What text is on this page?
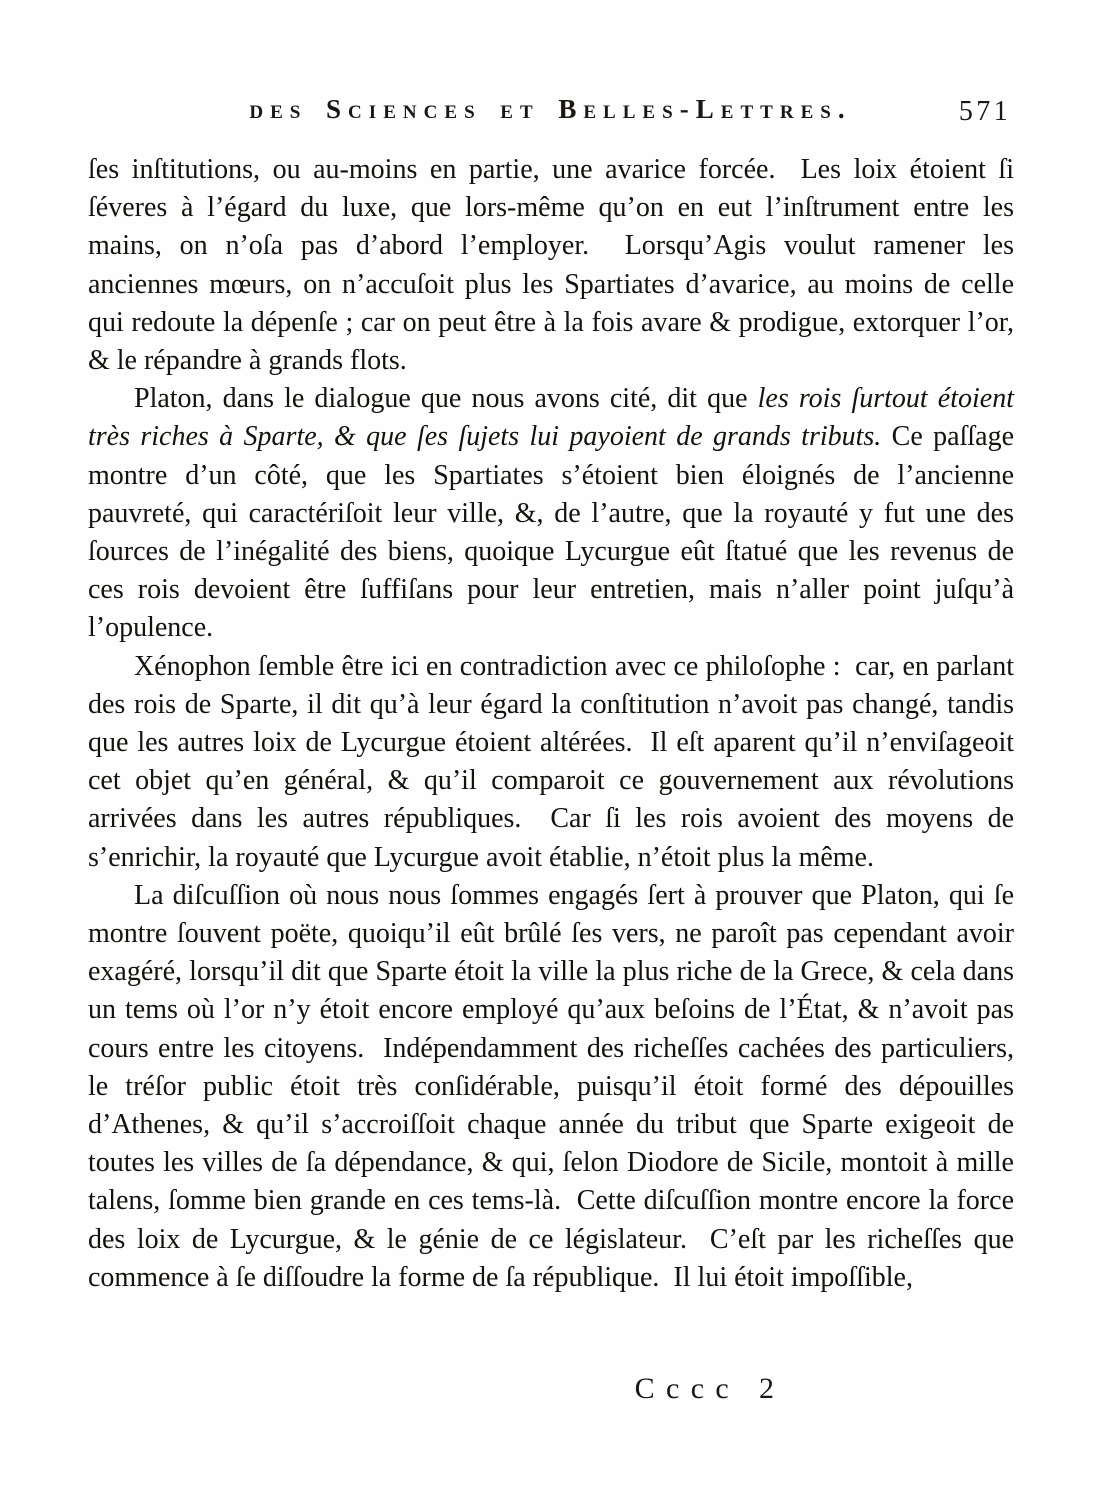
des Sciences et Belles-Lettres.	571

ſes inſtitutions, ou au-moins en partie, une avarice forcée.  Les loix étoient ſi ſéveres à l’égard du luxe, que lors-même qu’on en eut l’inſtrument entre les mains, on n’oſa pas d’abord l’employer.  Lorsqu’Agis voulut ramener les anciennes mœurs, on n’accuſoit plus les Spartiates d’avarice, au moins de celle qui redoute la dépenſe ; car on peut être à la fois avare & prodigue, extorquer l’or, & le répandre à grands flots.

Platon, dans le dialogue que nous avons cité, dit que les rois ſurtout étoient très riches à Sparte, & que ſes ſujets lui payoient de grands tributs. Ce paſſage montre d’un côté, que les Spartiates s’étoient bien éloignés de l’ancienne pauvreté, qui caractériſoit leur ville, &, de l’autre, que la royauté y fut une des ſources de l’inégalité des biens, quoique Lycurgue eût ſtatué que les revenus de ces rois devoient être ſuffiſans pour leur entretien, mais n’aller point juſqu’à l’opulence.

Xénophon ſemble être ici en contradiction avec ce philoſophe :  car, en parlant des rois de Sparte, il dit qu’à leur égard la conſtitution n’avoit pas changé, tandis que les autres loix de Lycurgue étoient altérées.  Il eſt aparent qu’il n’enviſageoit cet objet qu’en général, & qu’il comparoit ce gouvernement aux révolutions arrivées dans les autres républiques.  Car ſi les rois avoient des moyens de s’enrichir, la royauté que Lycurgue avoit établie, n’étoit plus la même.

La diſcuſſion où nous nous ſommes engagés ſert à prouver que Platon, qui ſe montre ſouvent poëte, quoiqu’il eût brûlé ſes vers, ne paroît pas cependant avoir exagéré, lorsqu’il dit que Sparte étoit la ville la plus riche de la Grece, & cela dans un tems où l’or n’y étoit encore employé qu’aux beſoins de l’État, & n’avoit pas cours entre les citoyens.  Indépendamment des richeſſes cachées des particuliers, le tréſor public étoit très conſidérable, puisqu’il étoit formé des dépouilles d’Athenes, & qu’il s’accroiſſoit chaque année du tribut que Sparte exigeoit de toutes les villes de ſa dépendance, & qui, ſelon Diodore de Sicile, montoit à mille talens, ſomme bien grande en ces tems-là.  Cette diſcuſſion montre encore la force des loix de Lycurgue, & le génie de ce législateur.  C’eſt par les richeſſes que commence à ſe diſſoudre la forme de ſa république.  Il lui étoit impoſſible,

Cccc 2
